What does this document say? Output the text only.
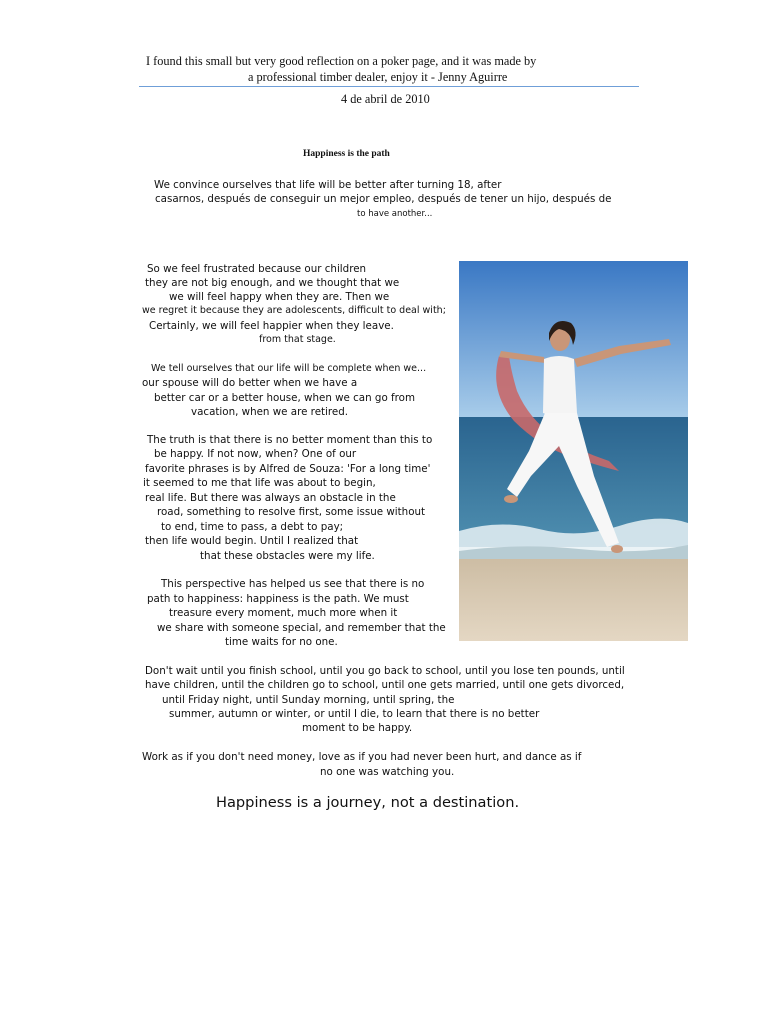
I found this small but very good reflection on a poker page, and it was made by
a professional timber dealer, enjoy it - Jenny Aguirre
4 de abril de 2010
Happiness is the path
We convince ourselves that life will be better after turning 18, after
casarnos, después de conseguir un mejor empleo, después de tener un hijo, después de
to have another...
So we feel frustrated because our children
they are not big enough, and we thought that we
we will feel happy when they are. Then we
we regret it because they are adolescents, difficult to deal with;
Certainly, we will feel happier when they leave.
from that stage.
We tell ourselves that our life will be complete when we...
our spouse will do better when we have a
better car or a better house, when we can go from
vacation, when we are retired.
The truth is that there is no better moment than this to
be happy. If not now, when? One of our
favorite phrases is by Alfred de Souza: 'For a long time'
it seemed to me that life was about to begin,
real life. But there was always an obstacle in the
road, something to resolve first, some issue without
to end, time to pass, a debt to pay;
then life would begin. Until I realized that
that these obstacles were my life.
This perspective has helped us see that there is no
path to happiness: happiness is the path. We must
treasure every moment, much more when it
we share with someone special, and remember that the
time waits for no one.
Don't wait until you finish school, until you go back to school, until you lose ten pounds, until
have children, until the children go to school, until one gets married, until one gets divorced,
until Friday night, until Sunday morning, until spring, the
summer, autumn or winter, or until I die, to learn that there is no better
moment to be happy.
Work as if you don't need money, love as if you had never been hurt, and dance as if
no one was watching you.
Happiness is a journey, not a destination.
